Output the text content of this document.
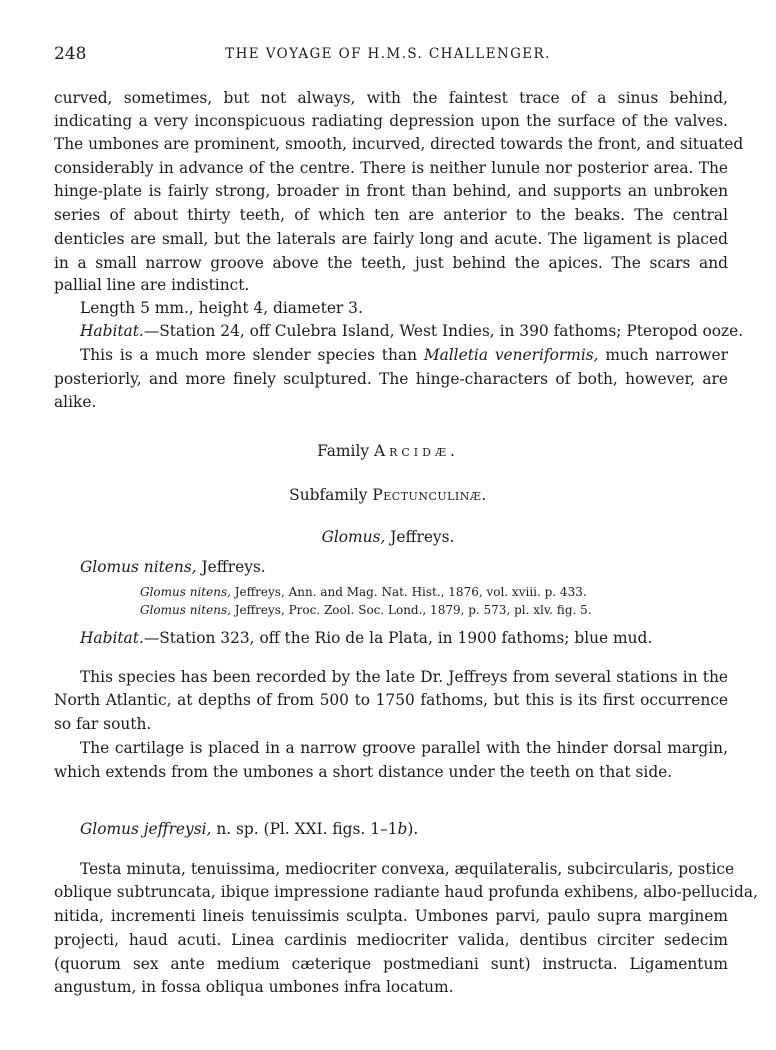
248	THE VOYAGE OF H.M.S. CHALLENGER.
curved, sometimes, but not always, with the faintest trace of a sinus behind,
indicating a very inconspicuous radiating depression upon the surface of the valves.
The umbones are prominent, smooth, incurved, directed towards the front, and situated
considerably in advance of the centre. There is neither lunule nor posterior area. The
hinge-plate is fairly strong, broader in front than behind, and supports an unbroken
series of about thirty teeth, of which ten are anterior to the beaks. The central
denticles are small, but the laterals are fairly long and acute. The ligament is placed
in a small narrow groove above the teeth, just behind the apices. The scars and
pallial line are indistinct.
Length 5 mm., height 4, diameter 3.
Habitat.—Station 24, off Culebra Island, West Indies, in 390 fathoms; Pteropod ooze.
This is a much more slender species than Malletia veneriformis, much narrower
posteriorly, and more finely sculptured. The hinge-characters of both, however, are
alike.
Family Arcidæ.
Subfamily Pectunculinæ.
Glomus, Jeffreys.
Glomus nitens, Jeffreys.
Glomus nitens, Jeffreys, Ann. and Mag. Nat. Hist., 1876, vol. xviii. p. 433.
Glomus nitens, Jeffreys, Proc. Zool. Soc. Lond., 1879, p. 573, pl. xlv. fig. 5.
Habitat.—Station 323, off the Rio de la Plata, in 1900 fathoms; blue mud.
This species has been recorded by the late Dr. Jeffreys from several stations in the
North Atlantic, at depths of from 500 to 1750 fathoms, but this is its first occurrence
so far south.
The cartilage is placed in a narrow groove parallel with the hinder dorsal margin,
which extends from the umbones a short distance under the teeth on that side.
Glomus jeffreysi, n. sp. (Pl. XXI. figs. 1–1b).
Testa minuta, tenuissima, mediocriter convexa, æquilateralis, subcircularis, postice
oblique subtruncata, ibique impressione radiante haud profunda exhibens, albo-pellucida,
nitida, incrementi lineis tenuissimis sculpta. Umbones parvi, paulo supra marginem
projecti, haud acuti. Linea cardinis mediocriter valida, dentibus circiter sedecim
(quorum sex ante medium cæterique postmediani sunt) instructa. Ligamentum
angustum, in fossa obliqua umbones infra locatum.
